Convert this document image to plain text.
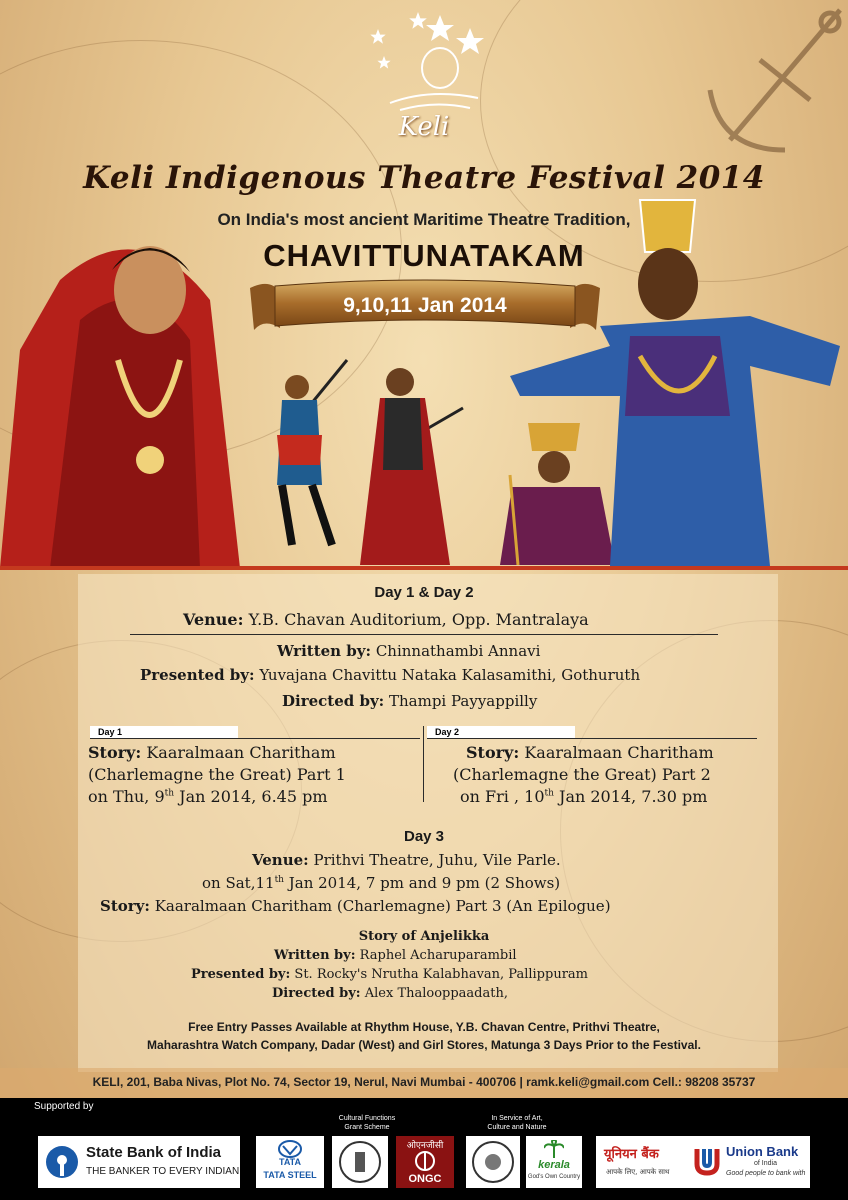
Keli
Keli Indigenous Theatre Festival 2014
On India's most ancient Maritime Theatre Tradition,
CHAVITTUNATAKAM
9,10,11 Jan 2014
Day 1 & Day 2
Venue: Y.B. Chavan Auditorium, Opp. Mantralaya
Written by: Chinnathambi Annavi
Presented by: Yuvajana Chavittu Nataka Kalasamithi, Gothuruth
Directed by: Thampi Payyappilly
Day 1
Story: Kaaralmaan Charitham
(Charlemagne the Great) Part 1
on Thu, 9th Jan 2014, 6.45 pm
Day 2
Story: Kaaralmaan Charitham
(Charlemagne the Great) Part 2
on Fri , 10th Jan 2014, 7.30 pm
Day 3
Venue: Prithvi Theatre, Juhu, Vile Parle.
on Sat,11th Jan 2014, 7 pm and 9 pm (2 Shows)
Story: Kaaralmaan Charitham (Charlemagne) Part 3 (An Epilogue)
Story of Anjelikka
Written by: Raphel Acharuparambil
Presented by: St. Rocky's Nrutha Kalabhavan, Pallippuram
Directed by: Alex Thalooppaadath,
Free Entry Passes Available at Rhythm House, Y.B. Chavan Centre, Prithvi Theatre,
Maharashtra Watch Company, Dadar (West) and Girl Stores, Matunga 3 Days Prior to the Festival.
KELI, 201, Baba Nivas, Plot No. 74, Sector 19, Nerul, Navi Mumbai - 400706 | ramk.keli@gmail.com Cell.: 98208 35737
Supported by
State Bank of India
THE BANKER TO EVERY INDIAN
TATA
TATA STEEL
Cultural Functions
Grant Scheme
ओएनजीसी
ONGC
In Service of Art,
Culture and Nature
kerala
God's Own Country
यूनियन बैंक
आपके लिए, आपके साथ
Union Bank
of India
Good people to bank with
